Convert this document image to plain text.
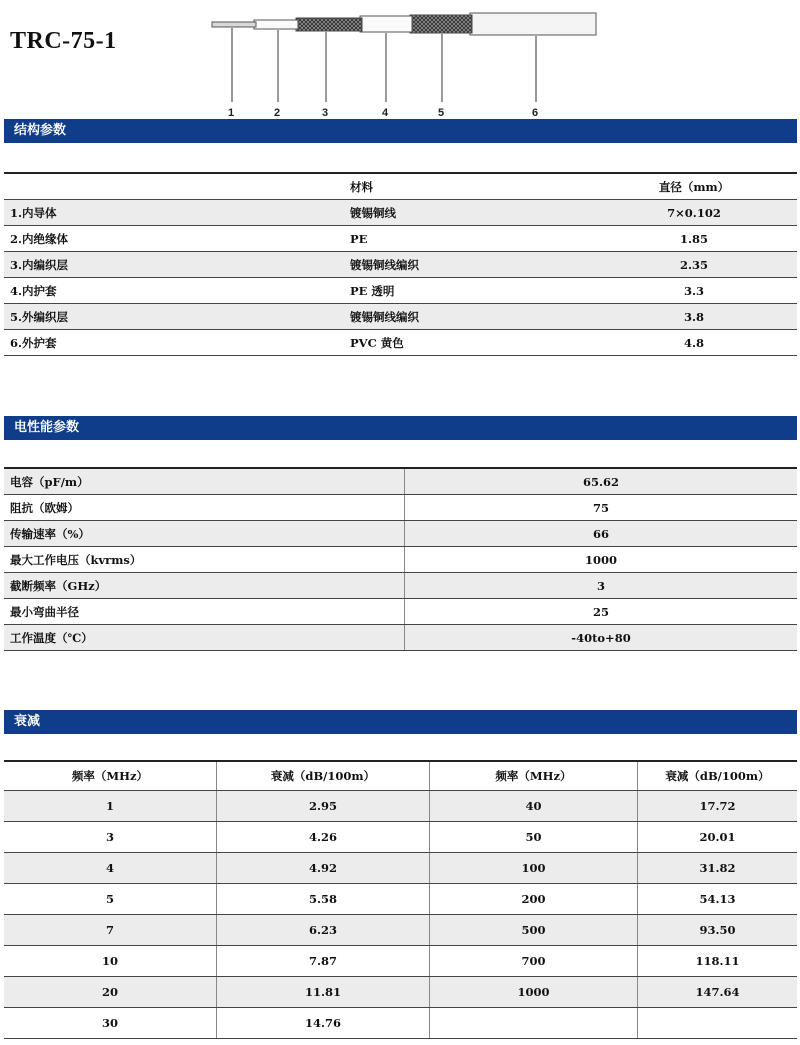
TRC-75-1
1	2	3	4	5	6
结构参数
	材料	直径（mm）
1.内导体	镀锡铜线	7×0.102
2.内绝缘体	PE	1.85
3.内编织层	镀锡铜线编织	2.35
4.内护套	PE 透明	3.3
5.外编织层	镀锡铜线编织	3.8
6.外护套	PVC 黄色	4.8
电性能参数
电容（pF/m）	65.62
阻抗（欧姆）	75
传输速率（%）	66
最大工作电压（kvrms）	1000
截断频率（GHz）	3
最小弯曲半径	25
工作温度（℃）	-40to+80
衰减
频率（MHz）	衰减（dB/100m）	频率（MHz）	衰减（dB/100m）
1	2.95	40	17.72
3	4.26	50	20.01
4	4.92	100	31.82
5	5.58	200	54.13
7	6.23	500	93.50
10	7.87	700	118.11
20	11.81	1000	147.64
30	14.76		
